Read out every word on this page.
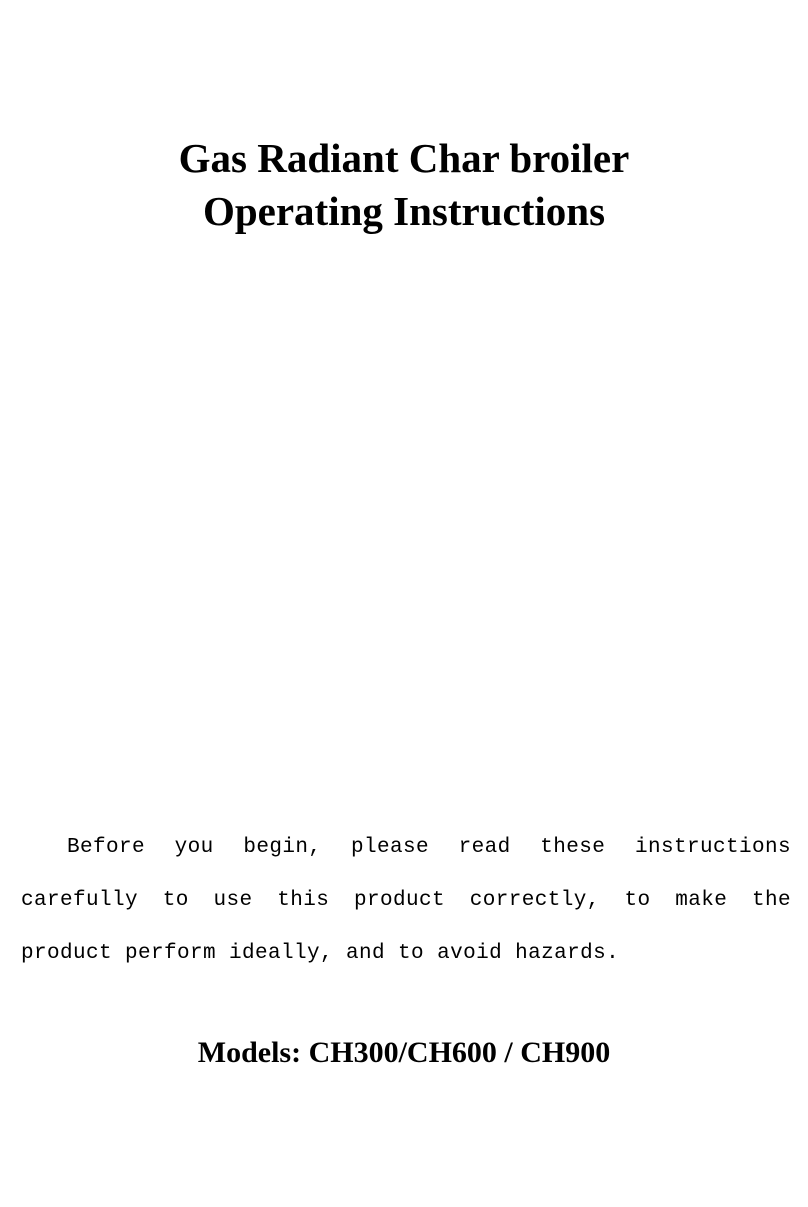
Gas Radiant Char broiler
Operating Instructions

Before you begin, please read these instructions carefully to use this product correctly, to make the product perform ideally, and to avoid hazards.

Models: CH300/CH600 / CH900
